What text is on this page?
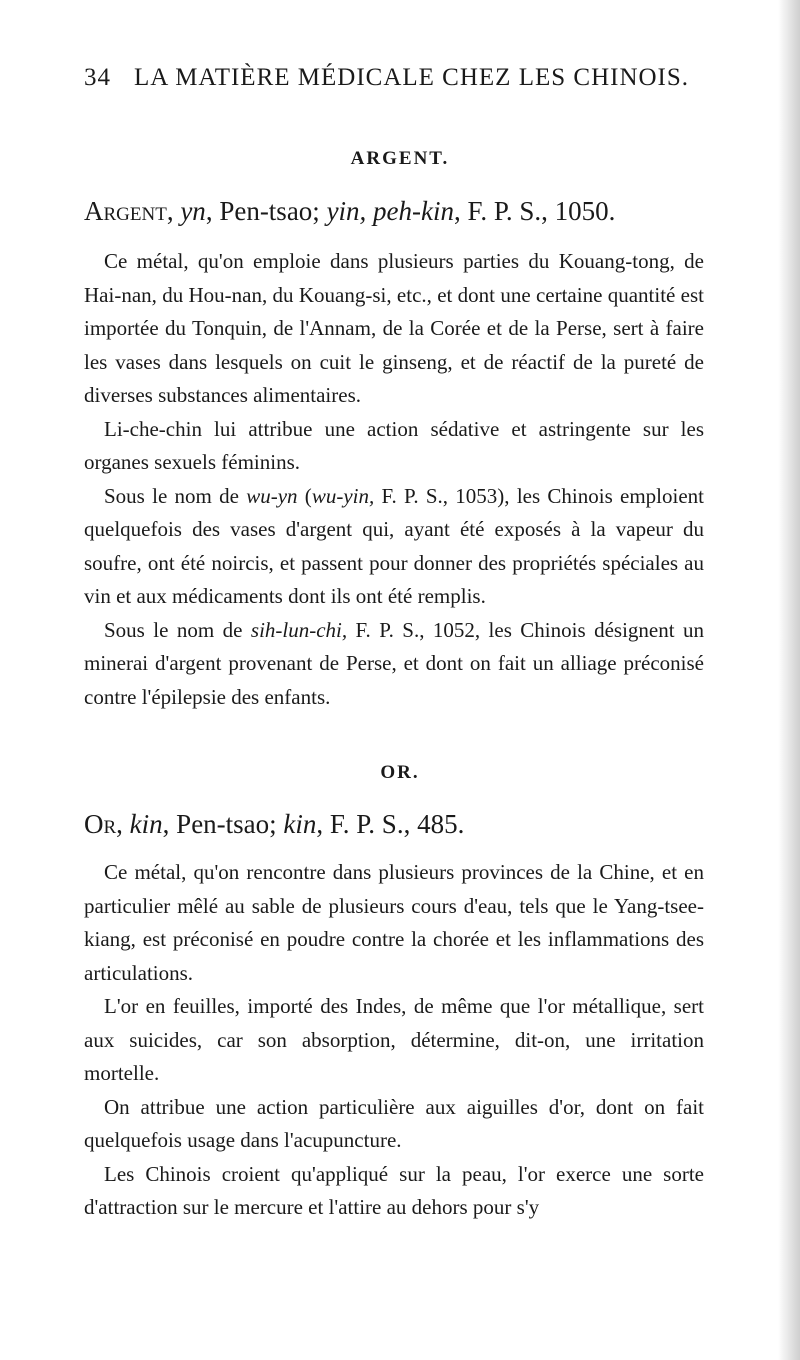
34 LA MATIÈRE MÉDICALE CHEZ LES CHINOIS.
ARGENT.
Argent, yn, Pen-tsao; yin, peh-kin, F. P. S., 1050.

Ce métal, qu'on emploie dans plusieurs parties du Kouang-tong, de Hai-nan, du Hou-nan, du Kouang-si, etc., et dont une certaine quantité est importée du Tonquin, de l'Annam, de la Corée et de la Perse, sert à faire les vases dans lesquels on cuit le ginseng, et de réactif de la pureté de diverses substances alimentaires.

Li-che-chin lui attribue une action sédative et astringente sur les organes sexuels féminins.

Sous le nom de wu-yn (wu-yin, F. P. S., 1053), les Chinois emploient quelquefois des vases d'argent qui, ayant été exposés à la vapeur du soufre, ont été noircis, et passent pour donner des propriétés spéciales au vin et aux médicaments dont ils ont été remplis.

Sous le nom de sih-lun-chi, F. P. S., 1052, les Chinois désignent un minerai d'argent provenant de Perse, et dont on fait un alliage préconisé contre l'épilepsie des enfants.

OR.
Or, kin, Pen-tsao; kin, F. P. S., 485.

Ce métal, qu'on rencontre dans plusieurs provinces de la Chine, et en particulier mêlé au sable de plusieurs cours d'eau, tels que le Yang-tsee-kiang, est préconisé en poudre contre la chorée et les inflammations des articulations.

L'or en feuilles, importé des Indes, de même que l'or métallique, sert aux suicides, car son absorption, détermine, dit-on, une irritation mortelle.

On attribue une action particulière aux aiguilles d'or, dont on fait quelquefois usage dans l'acupuncture.

Les Chinois croient qu'appliqué sur la peau, l'or exerce une sorte d'attraction sur le mercure et l'attire au dehors pour s'y
